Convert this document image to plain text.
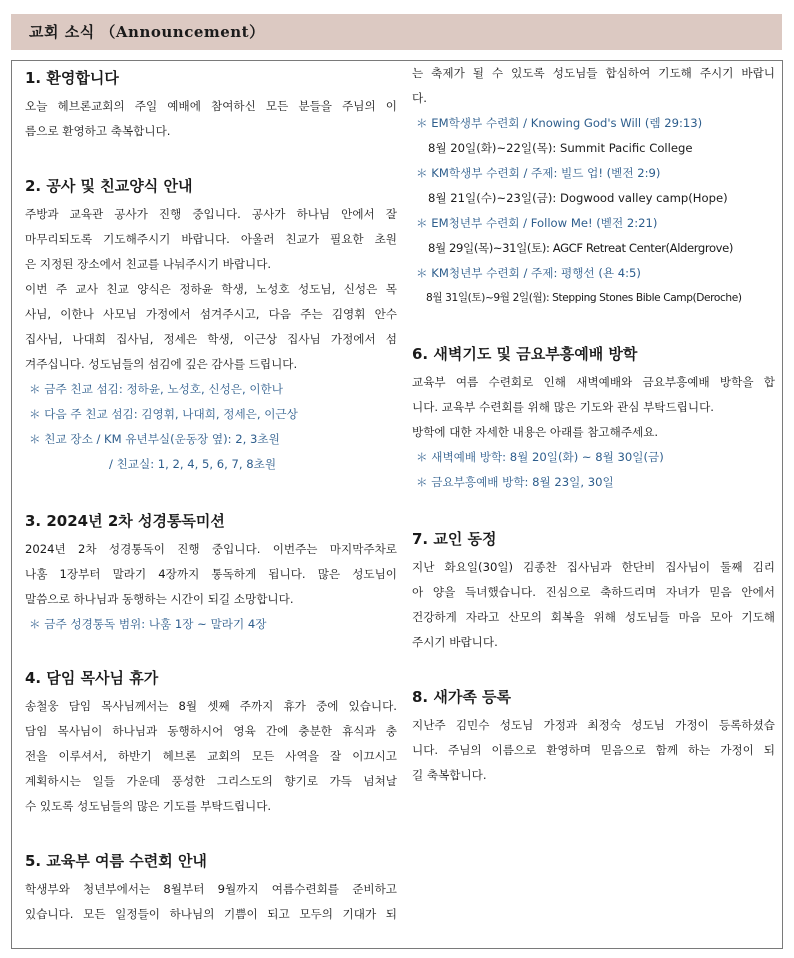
교회 소식 （Announcement）
1. 환영합니다
오늘 헤브론교회의 주일 예배에 참여하신 모든 분들을 주님의 이
름으로 환영하고 축복합니다.
2. 공사 및 친교양식 안내
주방과 교육관 공사가 진행 중입니다. 공사가 하나님 안에서 잘
마무리되도록 기도해주시기 바랍니다. 아울러 친교가 필요한 초원
은 지정된 장소에서 친교를 나눠주시기 바랍니다.
이번 주 교사 친교 양식은 정하윤 학생, 노성호 성도님, 신성은 목
사님, 이한나 사모님 가정에서 섬겨주시고, 다음 주는 김영휘 안수
집사님, 나대희 집사님, 정세은 학생, 이근상 집사님 가정에서 섬
겨주십니다. 성도님들의 섬김에 깊은 감사를 드립니다.
＊ 금주 친교 섬김: 정하윤, 노성호, 신성은, 이한나
＊ 다음 주 친교 섬김: 김영휘, 나대희, 정세은, 이근상
＊ 친교 장소 / KM 유년부실(운동장 옆): 2, 3초원
/ 친교실: 1, 2, 4, 5, 6, 7, 8초원
3. 2024년 2차 성경통독미션
2024년 2차 성경통독이 진행 중입니다. 이번주는 마지막주차로
나훔 1장부터 말라기 4장까지 통독하게 됩니다. 많은 성도님이
말씀으로 하나님과 동행하는 시간이 되길 소망합니다.
＊ 금주 성경통독 범위: 나훔 1장 ~ 말라기 4장
4. 담임 목사님 휴가
송철웅 담임 목사님께서는 8월 셋째 주까지 휴가 중에 있습니다.
담임 목사님이 하나님과 동행하시어 영육 간에 충분한 휴식과 충
전을 이루셔서, 하반기 헤브론 교회의 모든 사역을 잘 이끄시고
계획하시는 일들 가운데 풍성한 그리스도의 향기로 가득 넘쳐날
수 있도록 성도님들의 많은 기도를 부탁드립니다.
5. 교육부 여름 수련회 안내
학생부와 청년부에서는 8월부터 9월까지 여름수련회를 준비하고
있습니다. 모든 일정들이 하나님의 기쁨이 되고 모두의 기대가 되
는 축제가 될 수 있도록 성도님들 합심하여 기도해 주시기 바랍니
다.
＊ EM학생부 수련회 / Knowing God's Will (렘 29:13)
8월 20일(화)~22일(목): Summit Pacific College
＊ KM학생부 수련회 / 주제: 빌드 업! (벧전 2:9)
8월 21일(수)~23일(금): Dogwood valley camp(Hope)
＊ EM청년부 수련회 / Follow Me! (벧전 2:21)
8월 29일(목)~31일(토): AGCF Retreat Center(Aldergrove)
＊ KM청년부 수련회 / 주제: 평행선 (욘 4:5)
8월 31일(토)~9월 2일(월): Stepping Stones Bible Camp(Deroche)
6. 새벽기도 및 금요부흥예배 방학
교육부 여름 수련회로 인해 새벽예배와 금요부흥예배 방학을 합
니다. 교육부 수련회를 위해 많은 기도와 관심 부탁드립니다.
방학에 대한 자세한 내용은 아래를 참고해주세요.
＊ 새벽예배 방학: 8월 20일(화) ~ 8월 30일(금)
＊ 금요부흥예배 방학: 8월 23일, 30일
7. 교인 동정
지난 화요일(30일) 김종찬 집사님과 한단비 집사님이 둘째 김리
아 양을 득녀했습니다. 진심으로 축하드리며 자녀가 믿음 안에서
건강하게 자라고 산모의 회복을 위해 성도님들 마음 모아 기도해
주시기 바랍니다.
8. 새가족 등록
지난주 김민수 성도님 가정과 최정숙 성도님 가정이 등록하셨습
니다. 주님의 이름으로 환영하며 믿음으로 함께 하는 가정이 되
길 축복합니다.
